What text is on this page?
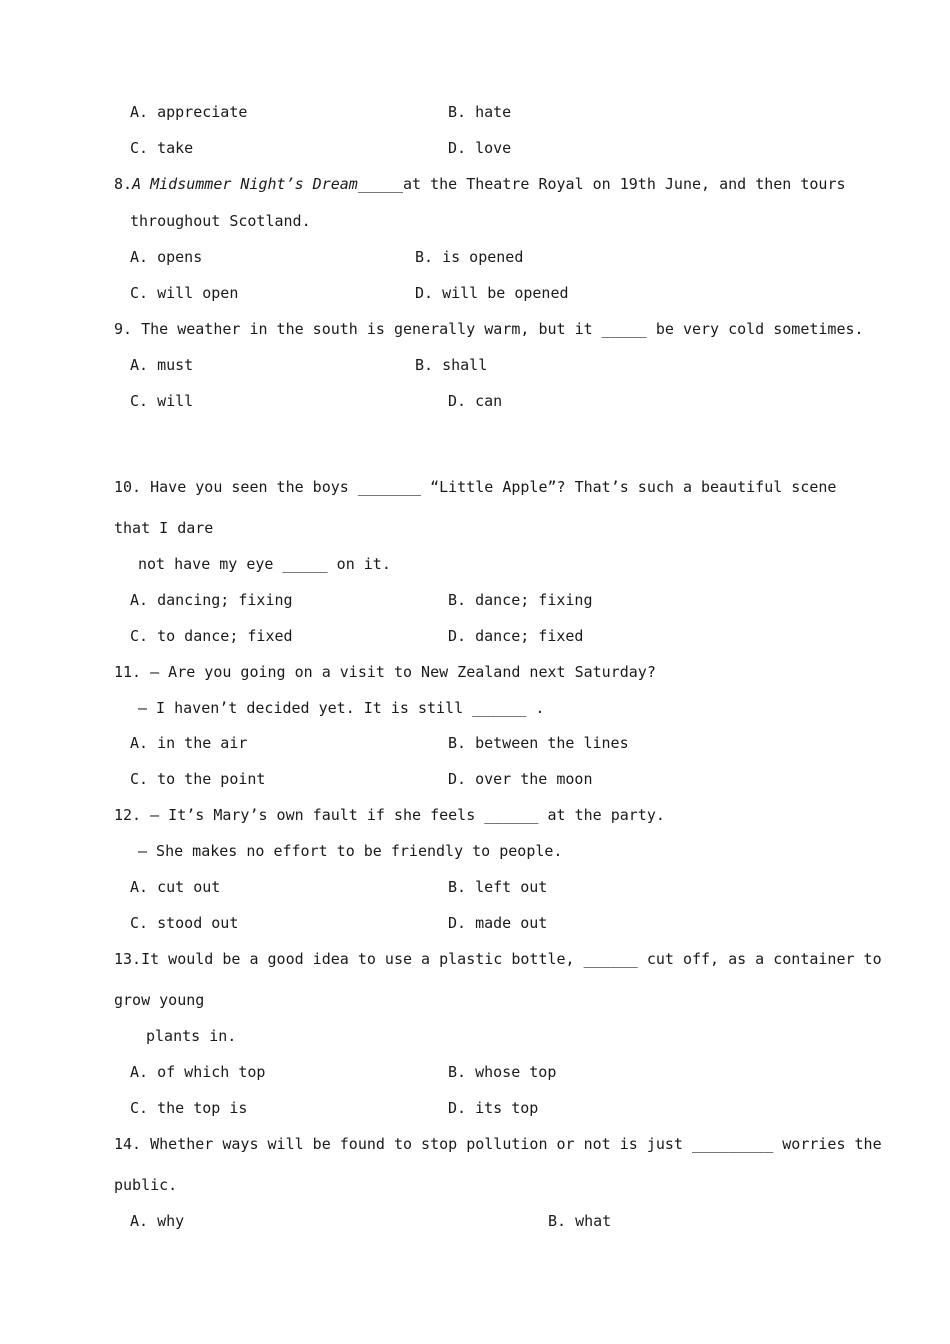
A. appreciate	B. hate
C. take	D. love
8.A Midsummer Night’s Dream_____at the Theatre Royal on 19th June, and then tours
throughout Scotland.
A. opens	B. is opened
C. will open	D. will be opened
9. The weather in the south is generally warm, but it _____ be very cold sometimes.
A. must	B. shall
C. will	D. can
10. Have you seen the boys _______ “Little Apple”? That’s such a beautiful scene
that I dare
not have my eye _____ on it.
A. dancing; fixing	B. dance; fixing
C. to dance; fixed	D. dance; fixed
11. — Are you going on a visit to New Zealand next Saturday?
— I haven’t decided yet. It is still ______ .
A. in the air	B. between the lines
C. to the point	D. over the moon
12. — It’s Mary’s own fault if she feels ______ at the party.
— She makes no effort to be friendly to people.
A. cut out	B. left out
C. stood out	D. made out
13.It would be a good idea to use a plastic bottle, ______ cut off, as a container to
grow young
plants in.
A. of which top	B. whose top
C. the top is	D. its top
14. Whether ways will be found to stop pollution or not is just _________ worries the
public.
A. why	B. what
